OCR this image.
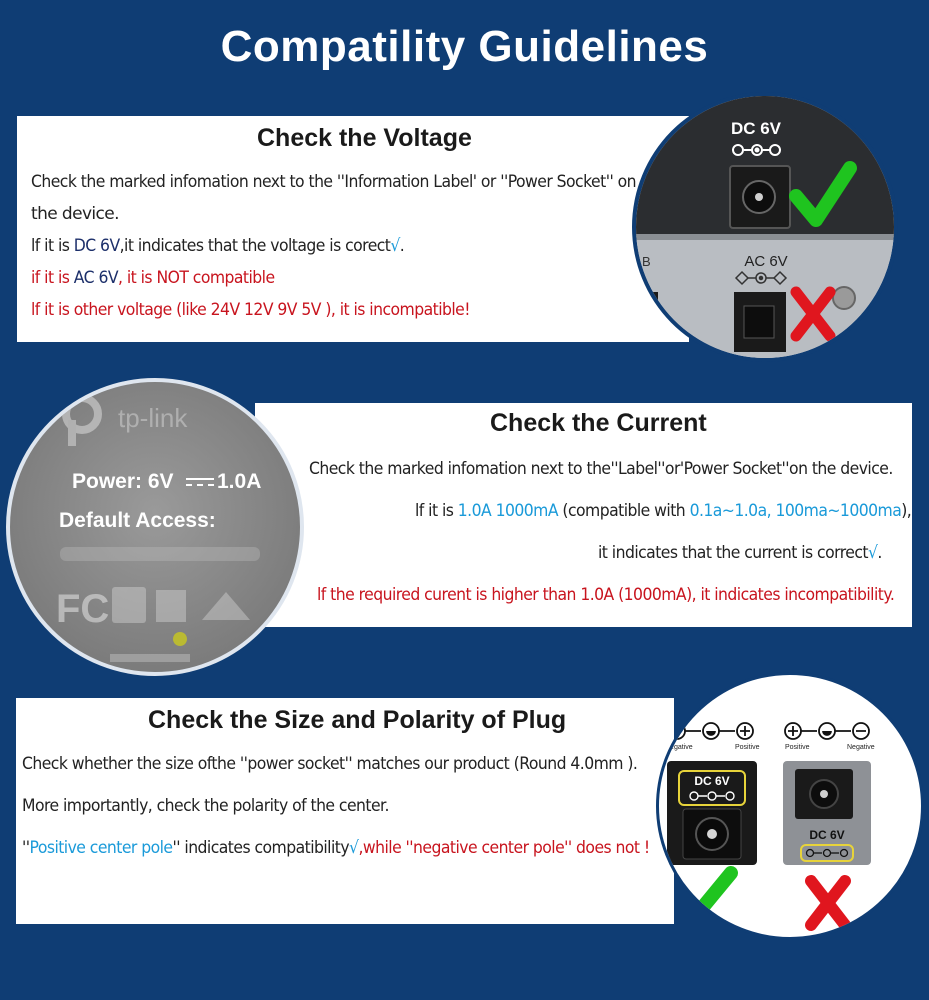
Compatility Guidelines
Check the Voltage
Check the marked infomation next to the ''Information Label' or ''Power Socket'' on
the device.
lf it is DC 6V,it indicates that the voltage is corect√.
if it is AC 6V, it is NOT compatible
lf it is other voltage (like 24V 12V 9V 5V ), it is incompatible!
DC 6V
B	AC 6V
Check the Current
Check the marked infomation next to the''Label''or'Power Socket''on the device.
lf it is 1.0A 1000mA (compatible with 0.1a~1.0a, 100ma~1000ma),
it indicates that the current is correct√.
lf the required curent is higher than 1.0A (1000mA), it indicates incompatibility.
tp-link
Power: 6V 1.0A
Default Access:
FC
Check the Size and Polarity of Plug
Check whether the size ofthe ''power socket'' matches our product (Round 4.0mm ).
More importantly, check the polarity of the center.
''Positive center pole'' indicates compatibility√,while ''negative center pole'' does not !
Negative	Positive	Positive	Negative
DC 6V
DC 6V
